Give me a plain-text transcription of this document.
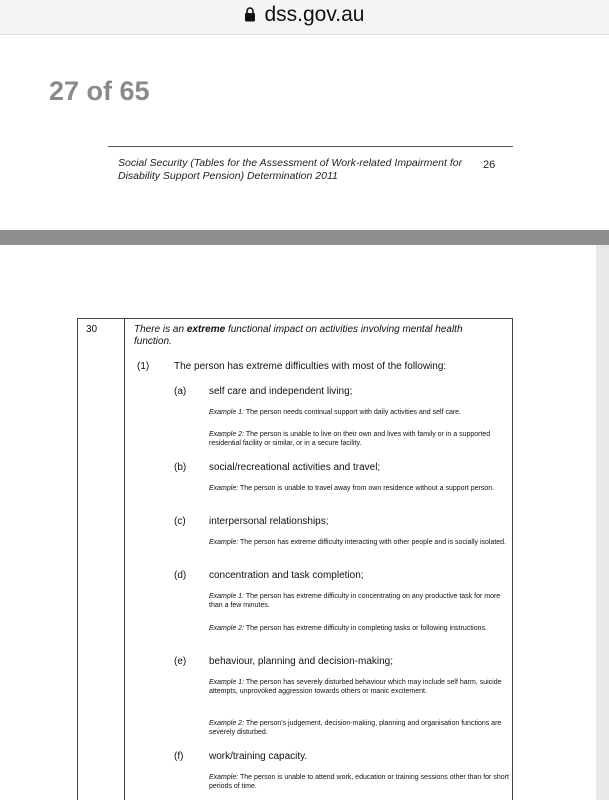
dss.gov.au
27 of 65
Social Security (Tables for the Assessment of Work-related Impairment for Disability Support Pension) Determination 2011
26
30	There is an extreme functional impact on activities involving mental health function.
(1) The person has extreme difficulties with most of the following:
(a) self care and independent living;
Example 1: The person needs continual support with daily activities and self care.
Example 2: The person is unable to live on their own and lives with family or in a supported residential facility or similar, or in a secure facility.
(b) social/recreational activities and travel;
Example: The person is unable to travel away from own residence without a support person.
(c) interpersonal relationships;
Example: The person has extreme difficulty interacting with other people and is socially isolated.
(d) concentration and task completion;
Example 1: The person has extreme difficulty in concentrating on any productive task for more than a few minutes.
Example 2: The person has extreme difficulty in completing tasks or following instructions.
(e) behaviour, planning and decision-making;
Example 1: The person has severely disturbed behaviour which may include self harm, suicide attempts, unprovoked aggression towards others or manic excitement.
Example 2: The person's judgement, decision-making, planning and organisation functions are severely disturbed.
(f)	work/training capacity.
Example: The person is unable to attend work, education or training sessions other than for short periods of time.
